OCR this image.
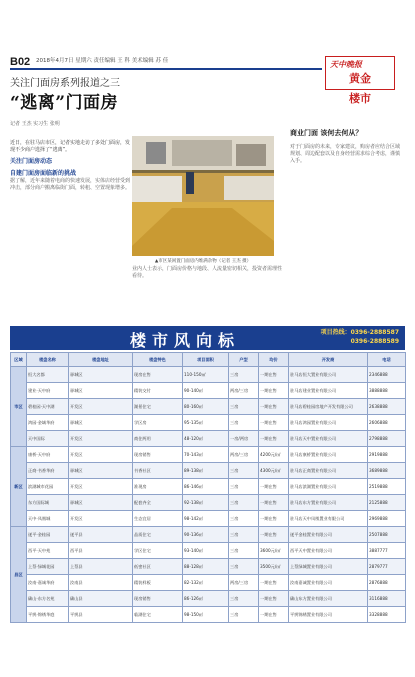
B02 2018年4月7日 星期六 责任编辑 王 科 美术编辑 苏 佳	天中晚报
黄金
楼市
关注门面房系列报道之三
“逃离”门面房
记者 王杰 实习生 张明
近日，在驻马店市区，记者实地走访了多处门面房，发现不少商户选择了“逃离”。
关注门面房动态
自建门面房面临新的挑战
据了解，近年来随着电商的快速发展，实体店经营受到冲击，部分商户搬离临街门面，转租、空置现象增多。
▲市区某闲置门面房内堆满杂物（记者 王杰 摄）
业内人士表示，门面房价格与地段、人流量密切相关，投资者需理性看待。
商业门面 该何去何从？
对于门面房的未来，专家建议，购房者应结合区域规划、周边配套以及自身经营需求综合考虑，谨慎入手。
楼市风向标	项目热线：0396-2888587
0396-2888589
区域	楼盘名称	楼盘地址	楼盘特色	项目面积	户型	均价	开发商	电话
市区	恒大名都	驿城区	现房在售	110-150㎡	三房	一期在售	驻马店恒大置业有限公司	2346888
	建业·天中府	驿城区	精装交付	90-140㎡	两房/三房	一期在售	驻马店建业置业有限公司	3888888
	碧桂园·天中湖	开发区	湖景住宅	80-160㎡	三房	一期在售	驻马店碧桂园房地产开发有限公司	2638888
	鸿园·金域华府	驿城区	学区房	95-135㎡	三房	一期在售	驻马店鸿园置业有限公司	2606888
	天中国际	开发区	商住两用	48-120㎡	一房/两房	一期在售	驻马店天中置业有限公司	2798888
新区	康桥·天中府	开发区	现房销售	70-143㎡	两房/三房	4200元/㎡	驻马店康桥置业有限公司	2919888
	正商·书香华府	驿城区	书香社区	89-138㎡	三房	4300元/㎡	驻马店正商置业有限公司	3689888
	滨湖城市花园	开发区	准现房	86-146㎡	三房	一期在售	驻马店滨湖置业有限公司	2519888
	东方国际城	驿城区	配套齐全	92-138㎡	三房	一期在售	驻马店东方置业有限公司	2125888
	天中·凤凰城	开发区	生态宜居	98-142㎡	三房	一期在售	驻马店天中凤凰置业有限公司	2969888
县区	遂平·金桂园	遂平县	品质住宅	90-136㎡	三房	一期在售	遂平金桂置业有限公司	2507888
	西平·天中苑	西平县	学区住宅	93-140㎡	三房	3600元/㎡	西平天中置业有限公司	3887777
	上蔡·绿城花园	上蔡县	低密社区	88-128㎡	三房	3500元/㎡	上蔡绿城置业有限公司	2879777
	汝南·嘉诚华府	汝南县	精装样板	82-132㎡	两房/三房	一期在售	汝南嘉诚置业有限公司	2876888
	确山·东方名苑	确山县	现房销售	86-126㎡	三房	一期在售	确山东方置业有限公司	3116888
	平舆·锦绣华庭	平舆县	临湖住宅	98-150㎡	三房	一期在售	平舆锦绣置业有限公司	3328888
